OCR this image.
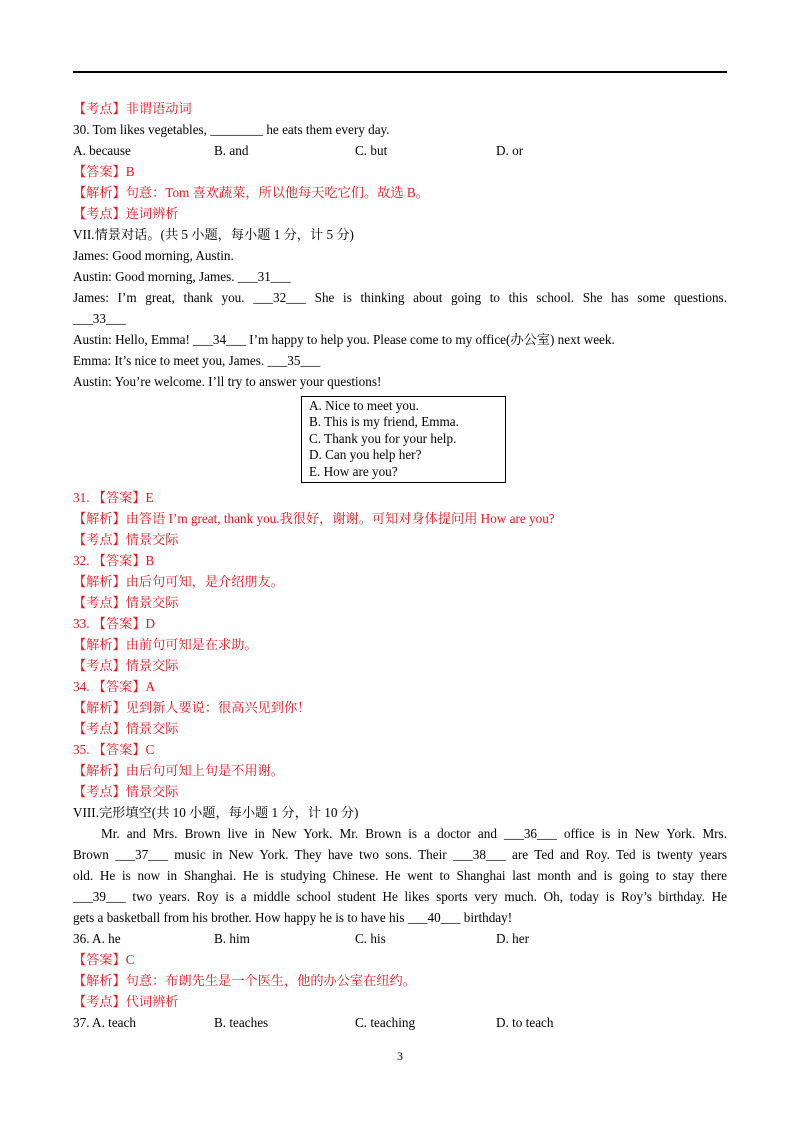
【考点】非谓语动词
30. Tom likes vegetables, ________ he eats them every day.
A. because	B. and	C. but	D. or
【答案】B
【解析】句意：Tom 喜欢蔬菜，所以他每天吃它们。故选 B。
【考点】连词辨析
VII.情景对话。(共 5 小题，每小题 1 分，计 5 分)
James: Good morning, Austin.
Austin: Good morning, James. ___31___
James: I’m great, thank you. ___32___ She is thinking about going to this school. She has some questions.
___33___
Austin: Hello, Emma! ___34___ I’m happy to help you. Please come to my office(办公室) next week.
Emma: It’s nice to meet you, James. ___35___
Austin: You’re welcome. I’ll try to answer your questions!
A. Nice to meet you.
B. This is my friend, Emma.
C. Thank you for your help.
D. Can you help her?
E. How are you?
31. 【答案】E
【解析】由答语 I’m great, thank you.我很好，谢谢。可知对身体提问用 How are you?
【考点】情景交际
32. 【答案】B
【解析】由后句可知，是介绍朋友。
【考点】情景交际
33. 【答案】D
【解析】由前句可知是在求助。
【考点】情景交际
34. 【答案】A
【解析】见到新人要说：很高兴见到你！
【考点】情景交际
35. 【答案】C
【解析】由后句可知上句是不用谢。
【考点】情景交际
VIII.完形填空(共 10 小题，每小题 1 分，计 10 分)
Mr. and Mrs. Brown live in New York. Mr. Brown is a doctor and ___36___ office is in New York. Mrs.
Brown ___37___ music in New York. They have two sons. Their ___38___ are Ted and Roy. Ted is twenty years
old. He is now in Shanghai. He is studying Chinese. He went to Shanghai last month and is going to stay there
___39___ two years. Roy is a middle school student He likes sports very much. Oh, today is Roy’s birthday. He
gets a basketball from his brother. How happy he is to have his ___40___ birthday!
36. A. he	B. him	C. his	D. her
【答案】C
【解析】句意：布朗先生是一个医生，他的办公室在纽约。
【考点】代词辨析
37. A. teach	B. teaches	C. teaching	D. to teach
3
